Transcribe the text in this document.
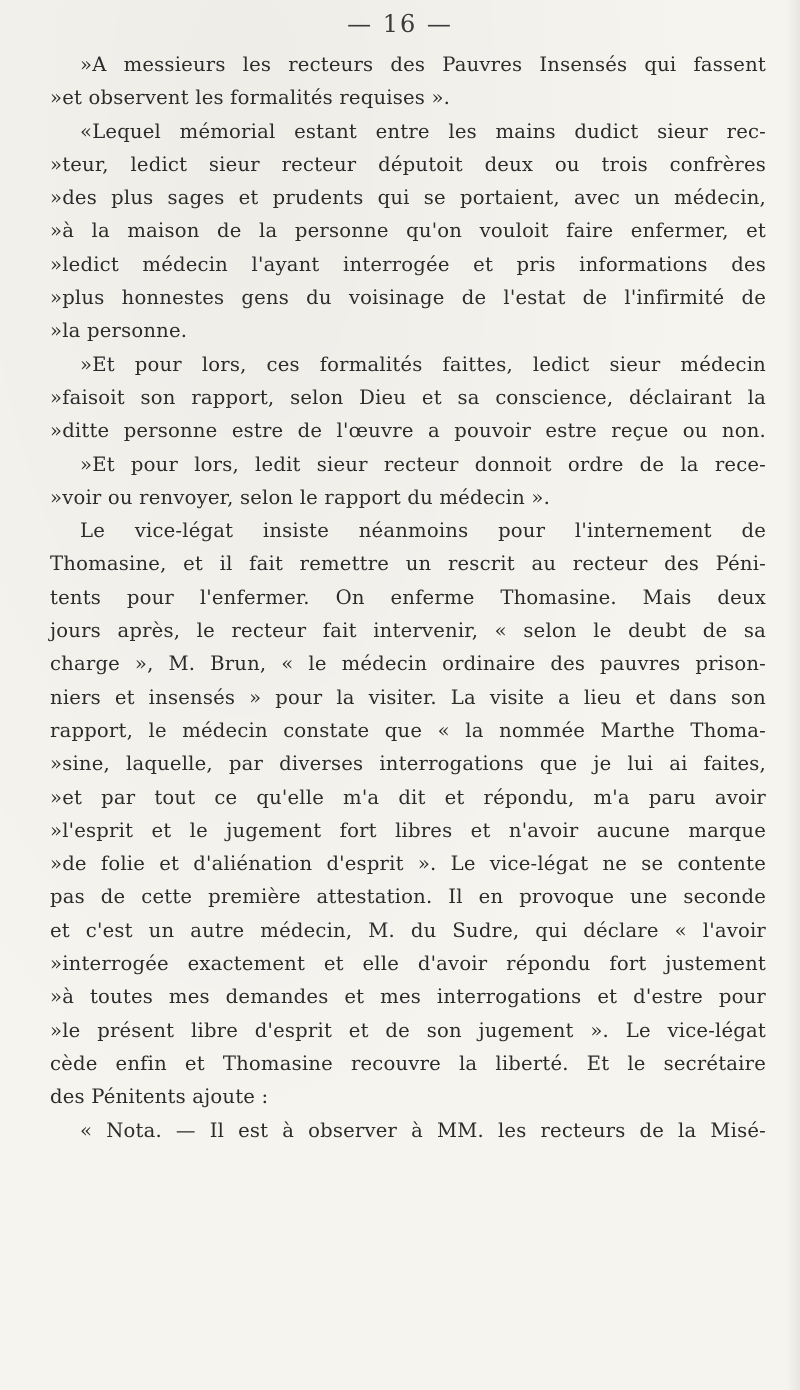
— 16 —
»A messieurs les recteurs des Pauvres Insensés qui fassent
»et observent les formalités requises ».
«Lequel mémorial estant entre les mains dudict sieur rec-
»teur, ledict sieur recteur députoit deux ou trois confrères
»des plus sages et prudents qui se portaient, avec un médecin,
»à la maison de la personne qu'on vouloit faire enfermer, et
»ledict médecin l'ayant interrogée et pris informations des
»plus honnestes gens du voisinage de l'estat de l'infirmité de
»la personne.
»Et pour lors, ces formalités faittes, ledict sieur médecin
»faisoit son rapport, selon Dieu et sa conscience, déclairant la
»ditte personne estre de l'œuvre a pouvoir estre reçue ou non.
»Et pour lors, ledit sieur recteur donnoit ordre de la rece-
»voir ou renvoyer, selon le rapport du médecin ».
Le vice-légat insiste néanmoins pour l'internement de
Thomasine, et il fait remettre un rescrit au recteur des Péni-
tents pour l'enfermer. On enferme Thomasine. Mais deux
jours après, le recteur fait intervenir, « selon le deubt de sa
charge », M. Brun, « le médecin ordinaire des pauvres prison-
niers et insensés » pour la visiter. La visite a lieu et dans son
rapport, le médecin constate que « la nommée Marthe Thoma-
»sine, laquelle, par diverses interrogations que je lui ai faites,
»et par tout ce qu'elle m'a dit et répondu, m'a paru avoir
»l'esprit et le jugement fort libres et n'avoir aucune marque
»de folie et d'aliénation d'esprit ». Le vice-légat ne se contente
pas de cette première attestation. Il en provoque une seconde
et c'est un autre médecin, M. du Sudre, qui déclare « l'avoir
»interrogée exactement et elle d'avoir répondu fort justement
»à toutes mes demandes et mes interrogations et d'estre pour
»le présent libre d'esprit et de son jugement ». Le vice-légat
cède enfin et Thomasine recouvre la liberté. Et le secrétaire
des Pénitents ajoute :
« Nota. — Il est à observer à MM. les recteurs de la Misé-
